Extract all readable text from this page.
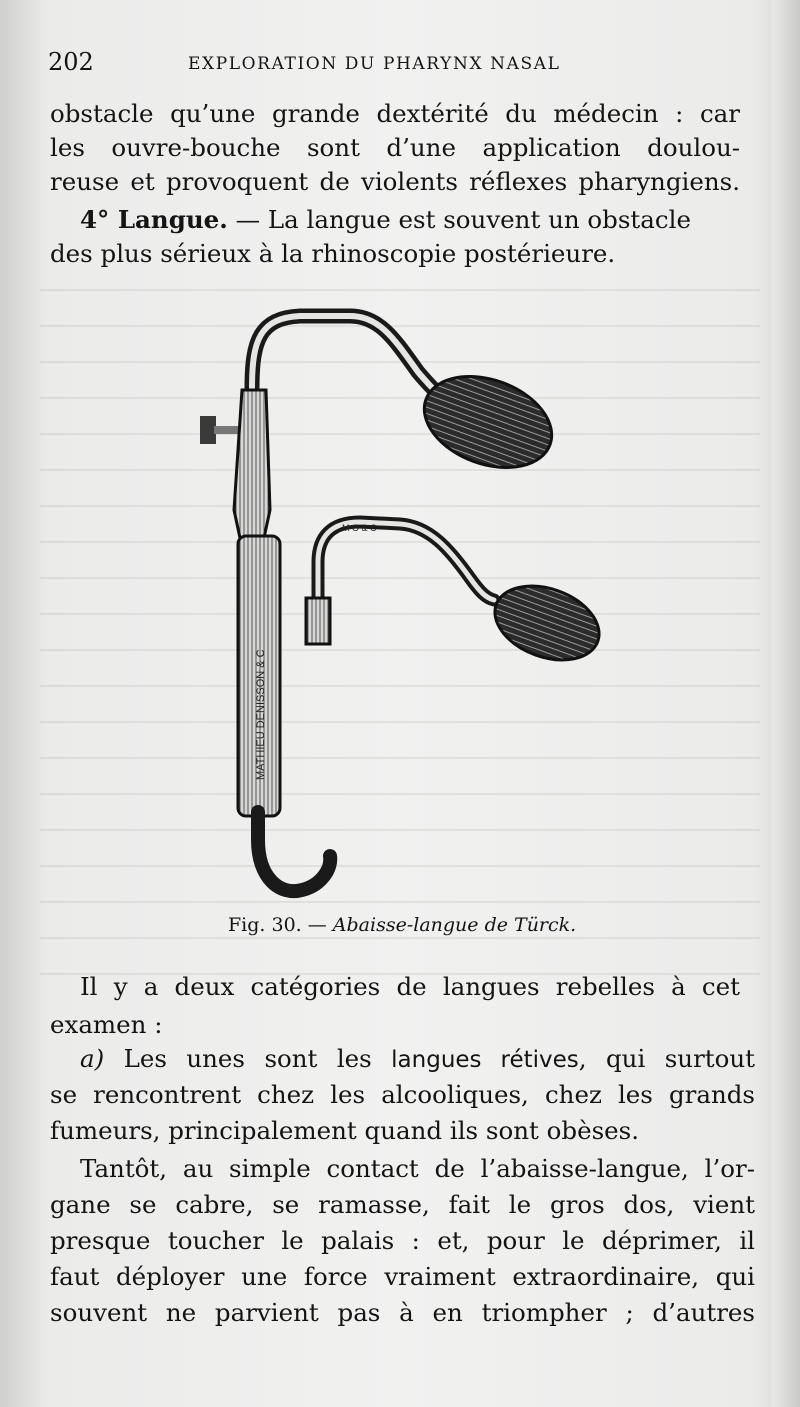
202	EXPLORATION DU PHARYNX NASAL
obstacle qu’une grande dextérité du médecin : car
les ouvre-bouche sont d’une application doulou-
reuse et provoquent de violents réflexes pharyngiens.
4° Langue. — La langue est souvent un obstacle
des plus sérieux à la rhinoscopie postérieure.
MATHIEU DENISSON & C
M O & C
Fig. 30. — Abaisse-langue de Türck.
Il y a deux catégories de langues rebelles à cet
examen :
a) Les unes sont les langues rétives, qui surtout
se rencontrent chez les alcooliques, chez les grands
fumeurs, principalement quand ils sont obèses.
Tantôt, au simple contact de l’abaisse-langue, l’or-
gane se cabre, se ramasse, fait le gros dos, vient
presque toucher le palais : et, pour le déprimer, il
faut déployer une force vraiment extraordinaire, qui
souvent ne parvient pas à en triompher ; d’autres
